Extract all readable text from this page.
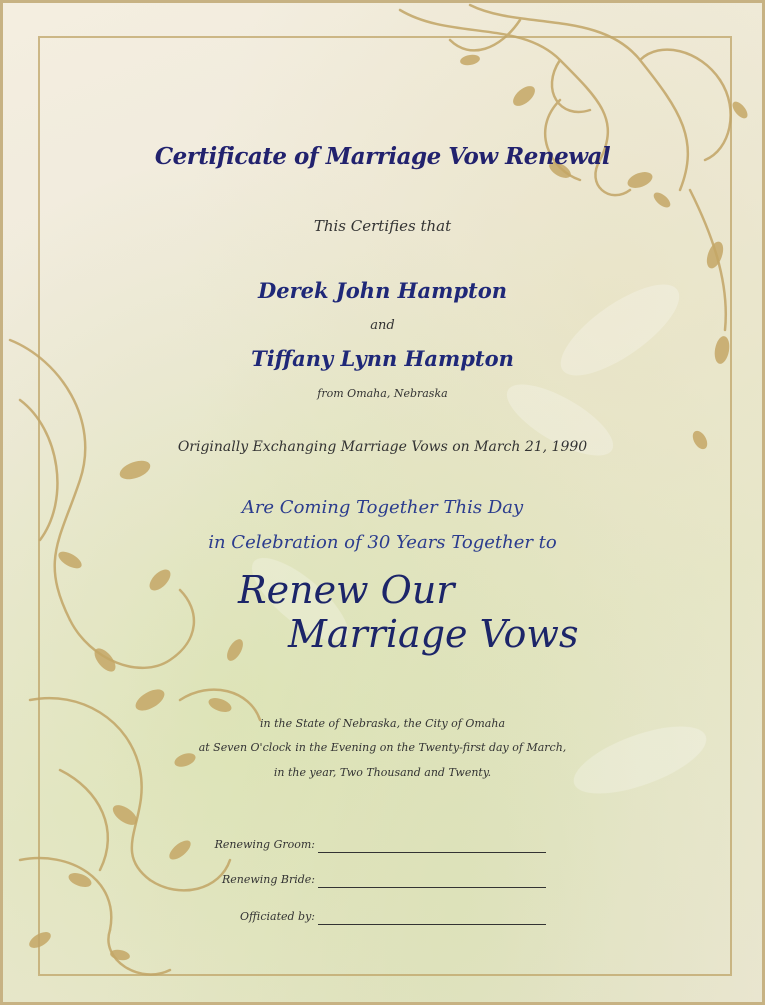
Certificate of Marriage Vow Renewal
This Certifies that
Derek John Hampton
and
Tiffany Lynn Hampton
from Omaha, Nebraska
Originally Exchanging Marriage Vows on March 21, 1990
Are Coming Together This Day
in Celebration of 30 Years Together to
Renew Our
Marriage Vows
in the State of Nebraska, the City of Omaha
at Seven O'clock in the Evening on the Twenty-first day of March,
in the year, Two Thousand and Twenty.
Renewing Groom:
Renewing Bride:
Officiated by:
